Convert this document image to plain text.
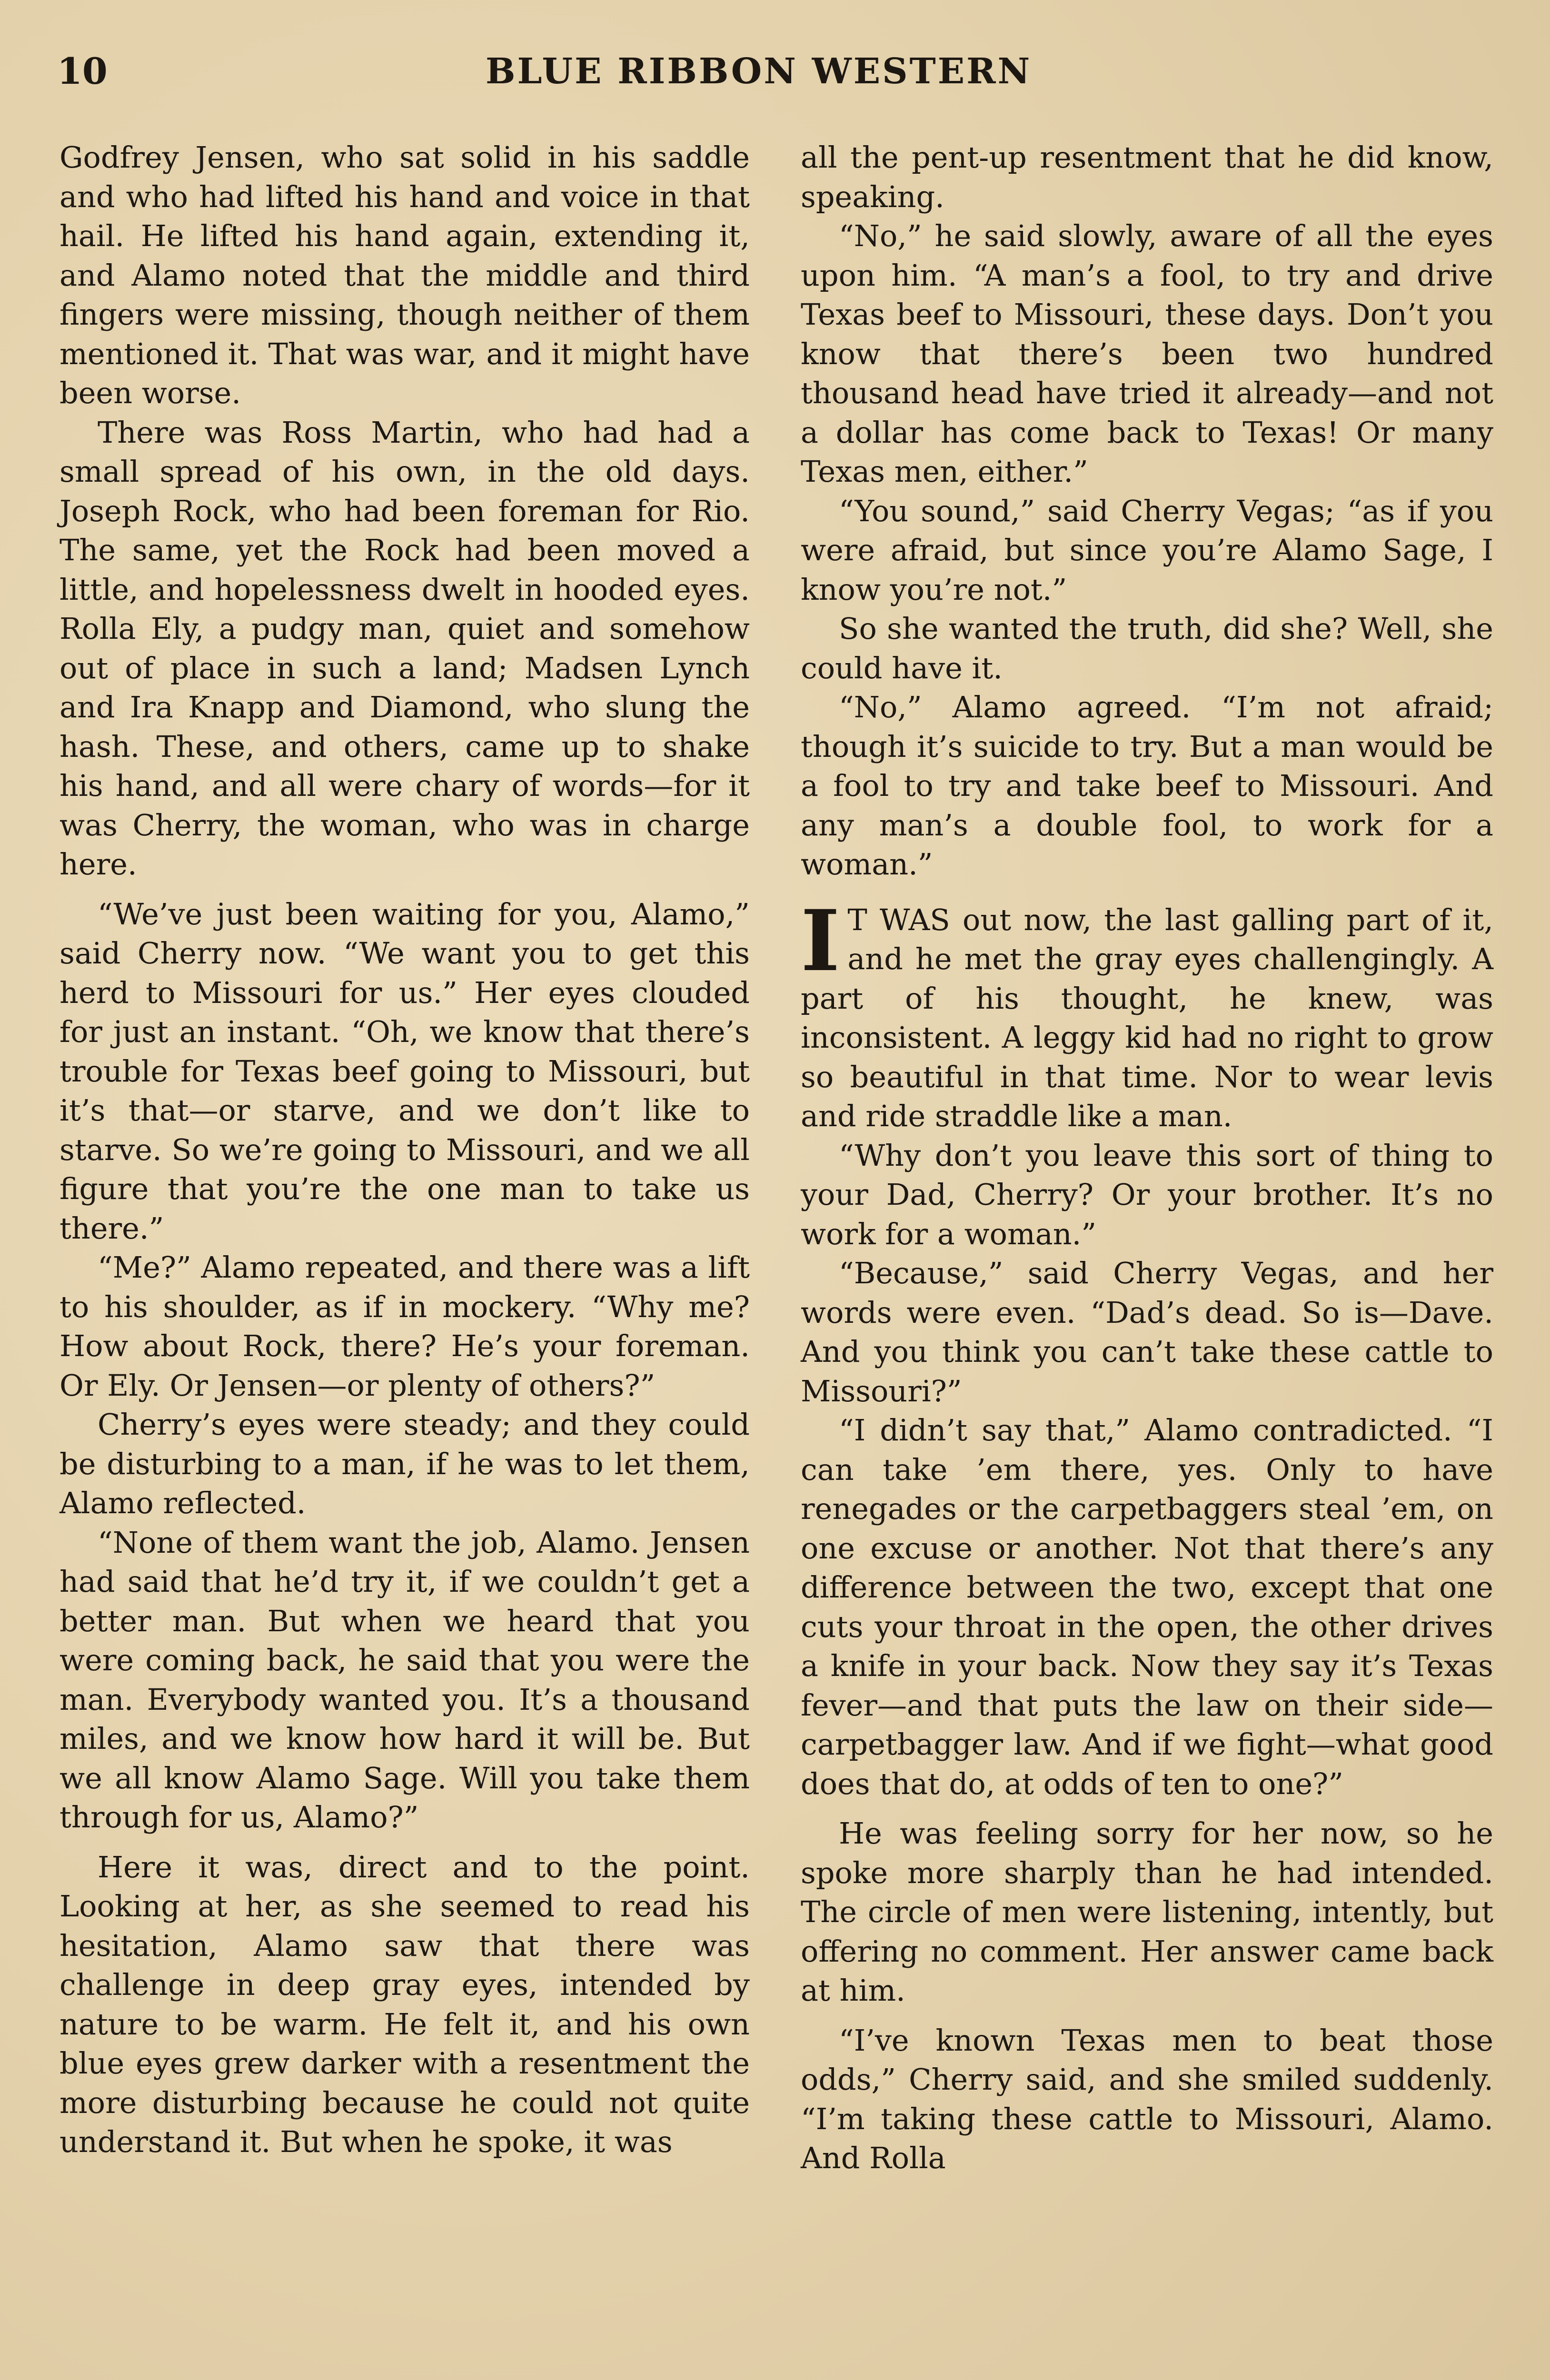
10	BLUE RIBBON WESTERN

Godfrey Jensen, who sat solid in his saddle and who had lifted his hand and voice in that hail. He lifted his hand again, extending it, and Alamo noted that the middle and third fingers were missing, though neither of them mentioned it. That was war, and it might have been worse.

There was Ross Martin, who had had a small spread of his own, in the old days. Joseph Rock, who had been foreman for Rio. The same, yet the Rock had been moved a little, and hopelessness dwelt in hooded eyes. Rolla Ely, a pudgy man, quiet and somehow out of place in such a land; Madsen Lynch and Ira Knapp and Diamond, who slung the hash. These, and others, came up to shake his hand, and all were chary of words—for it was Cherry, the woman, who was in charge here.

“We’ve just been waiting for you, Alamo,” said Cherry now. “We want you to get this herd to Missouri for us.” Her eyes clouded for just an instant. “Oh, we know that there’s trouble for Texas beef going to Missouri, but it’s that—or starve, and we don’t like to starve. So we’re going to Missouri, and we all figure that you’re the one man to take us there.”

“Me?” Alamo repeated, and there was a lift to his shoulder, as if in mockery. “Why me? How about Rock, there? He’s your foreman. Or Ely. Or Jensen—or plenty of others?”

Cherry’s eyes were steady; and they could be disturbing to a man, if he was to let them, Alamo reflected.

“None of them want the job, Alamo. Jensen had said that he’d try it, if we couldn’t get a better man. But when we heard that you were coming back, he said that you were the man. Everybody wanted you. It’s a thousand miles, and we know how hard it will be. But we all know Alamo Sage. Will you take them through for us, Alamo?”

Here it was, direct and to the point. Looking at her, as she seemed to read his hesitation, Alamo saw that there was challenge in deep gray eyes, intended by nature to be warm. He felt it, and his own blue eyes grew darker with a resentment the more disturbing because he could not quite understand it. But when he spoke, it was

all the pent-up resentment that he did know, speaking.

“No,” he said slowly, aware of all the eyes upon him. “A man’s a fool, to try and drive Texas beef to Missouri, these days. Don’t you know that there’s been two hundred thousand head have tried it already—and not a dollar has come back to Texas! Or many Texas men, either.”

“You sound,” said Cherry Vegas; “as if you were afraid, but since you’re Alamo Sage, I know you’re not.”

So she wanted the truth, did she? Well, she could have it.

“No,” Alamo agreed. “I’m not afraid; though it’s suicide to try. But a man would be a fool to try and take beef to Missouri. And any man’s a double fool, to work for a woman.”

I T WAS out now, the last galling part of it, and he met the gray eyes challengingly. A part of his thought, he knew, was inconsistent. A leggy kid had no right to grow so beautiful in that time. Nor to wear levis and ride straddle like a man.

“Why don’t you leave this sort of thing to your Dad, Cherry? Or your brother. It’s no work for a woman.”

“Because,” said Cherry Vegas, and her words were even. “Dad’s dead. So is—Dave. And you think you can’t take these cattle to Missouri?”

“I didn’t say that,” Alamo contradicted. “I can take ’em there, yes. Only to have renegades or the carpetbaggers steal ’em, on one excuse or another. Not that there’s any difference between the two, except that one cuts your throat in the open, the other drives a knife in your back. Now they say it’s Texas fever—and that puts the law on their side—carpetbagger law. And if we fight—what good does that do, at odds of ten to one?”

He was feeling sorry for her now, so he spoke more sharply than he had intended. The circle of men were listening, intently, but offering no comment. Her answer came back at him.

“I’ve known Texas men to beat those odds,” Cherry said, and she smiled suddenly. “I’m taking these cattle to Missouri, Alamo. And Rolla
